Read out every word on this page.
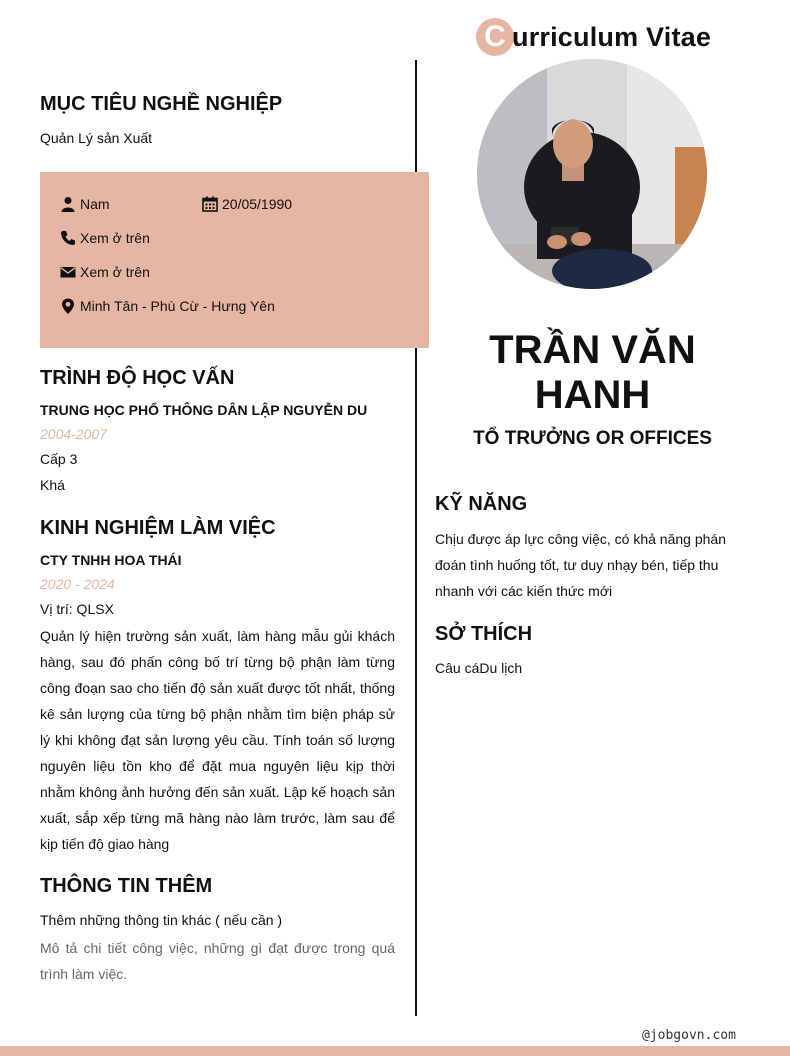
C urriculum Vitae
MỤC TIÊU NGHỀ NGHIỆP
Quản Lý sản Xuất
Nam	20/05/1990
Xem ở trên
Xem ở trên
Minh Tân - Phù Cừ - Hưng Yên
TRÌNH ĐỘ HỌC VẤN
TRUNG HỌC PHỔ THÔNG DÂN LẬP NGUYỄN DU
2004-2007
Cấp 3
Khá
KINH NGHIỆM LÀM VIỆC
CTY TNHH HOA THÁI
2020 - 2024
Vị trí: QLSX
Quản lý hiện trường sản xuất, làm hàng mẫu gủi khách hàng, sau đó phấn công bố trí từng bộ phận làm từng công đoạn sao cho tiến độ sản xuất được tốt nhất, thống kê sản lượng của từng bộ phận nhằm tìm biện pháp sử lý khi không đạt sản lượng yêu cầu. Tính toán số lượng nguyên liệu tồn kho để đặt mua nguyên liệu kịp thời nhằm không ảnh hưởng đến sản xuất. Lập kế hoạch sản xuất, sắp xếp từng mã hàng nào làm trước, làm sau để kịp tiến độ giao hàng
THÔNG TIN THÊM
Thêm những thông tin khác ( nếu cần )
Mô tả chi tiết công việc, những gì đạt được trong quá trình làm việc.
TRẦN VĂN HANH
TỔ TRƯỞNG OR OFFICES
KỸ NĂNG
Chịu được áp lực công việc, có khả năng phán đoán tình huống tốt, tư duy nhạy bén, tiếp thu nhanh với các kiến thức mới
SỞ THÍCH
Câu cáDu lịch
@jobgovn.com
